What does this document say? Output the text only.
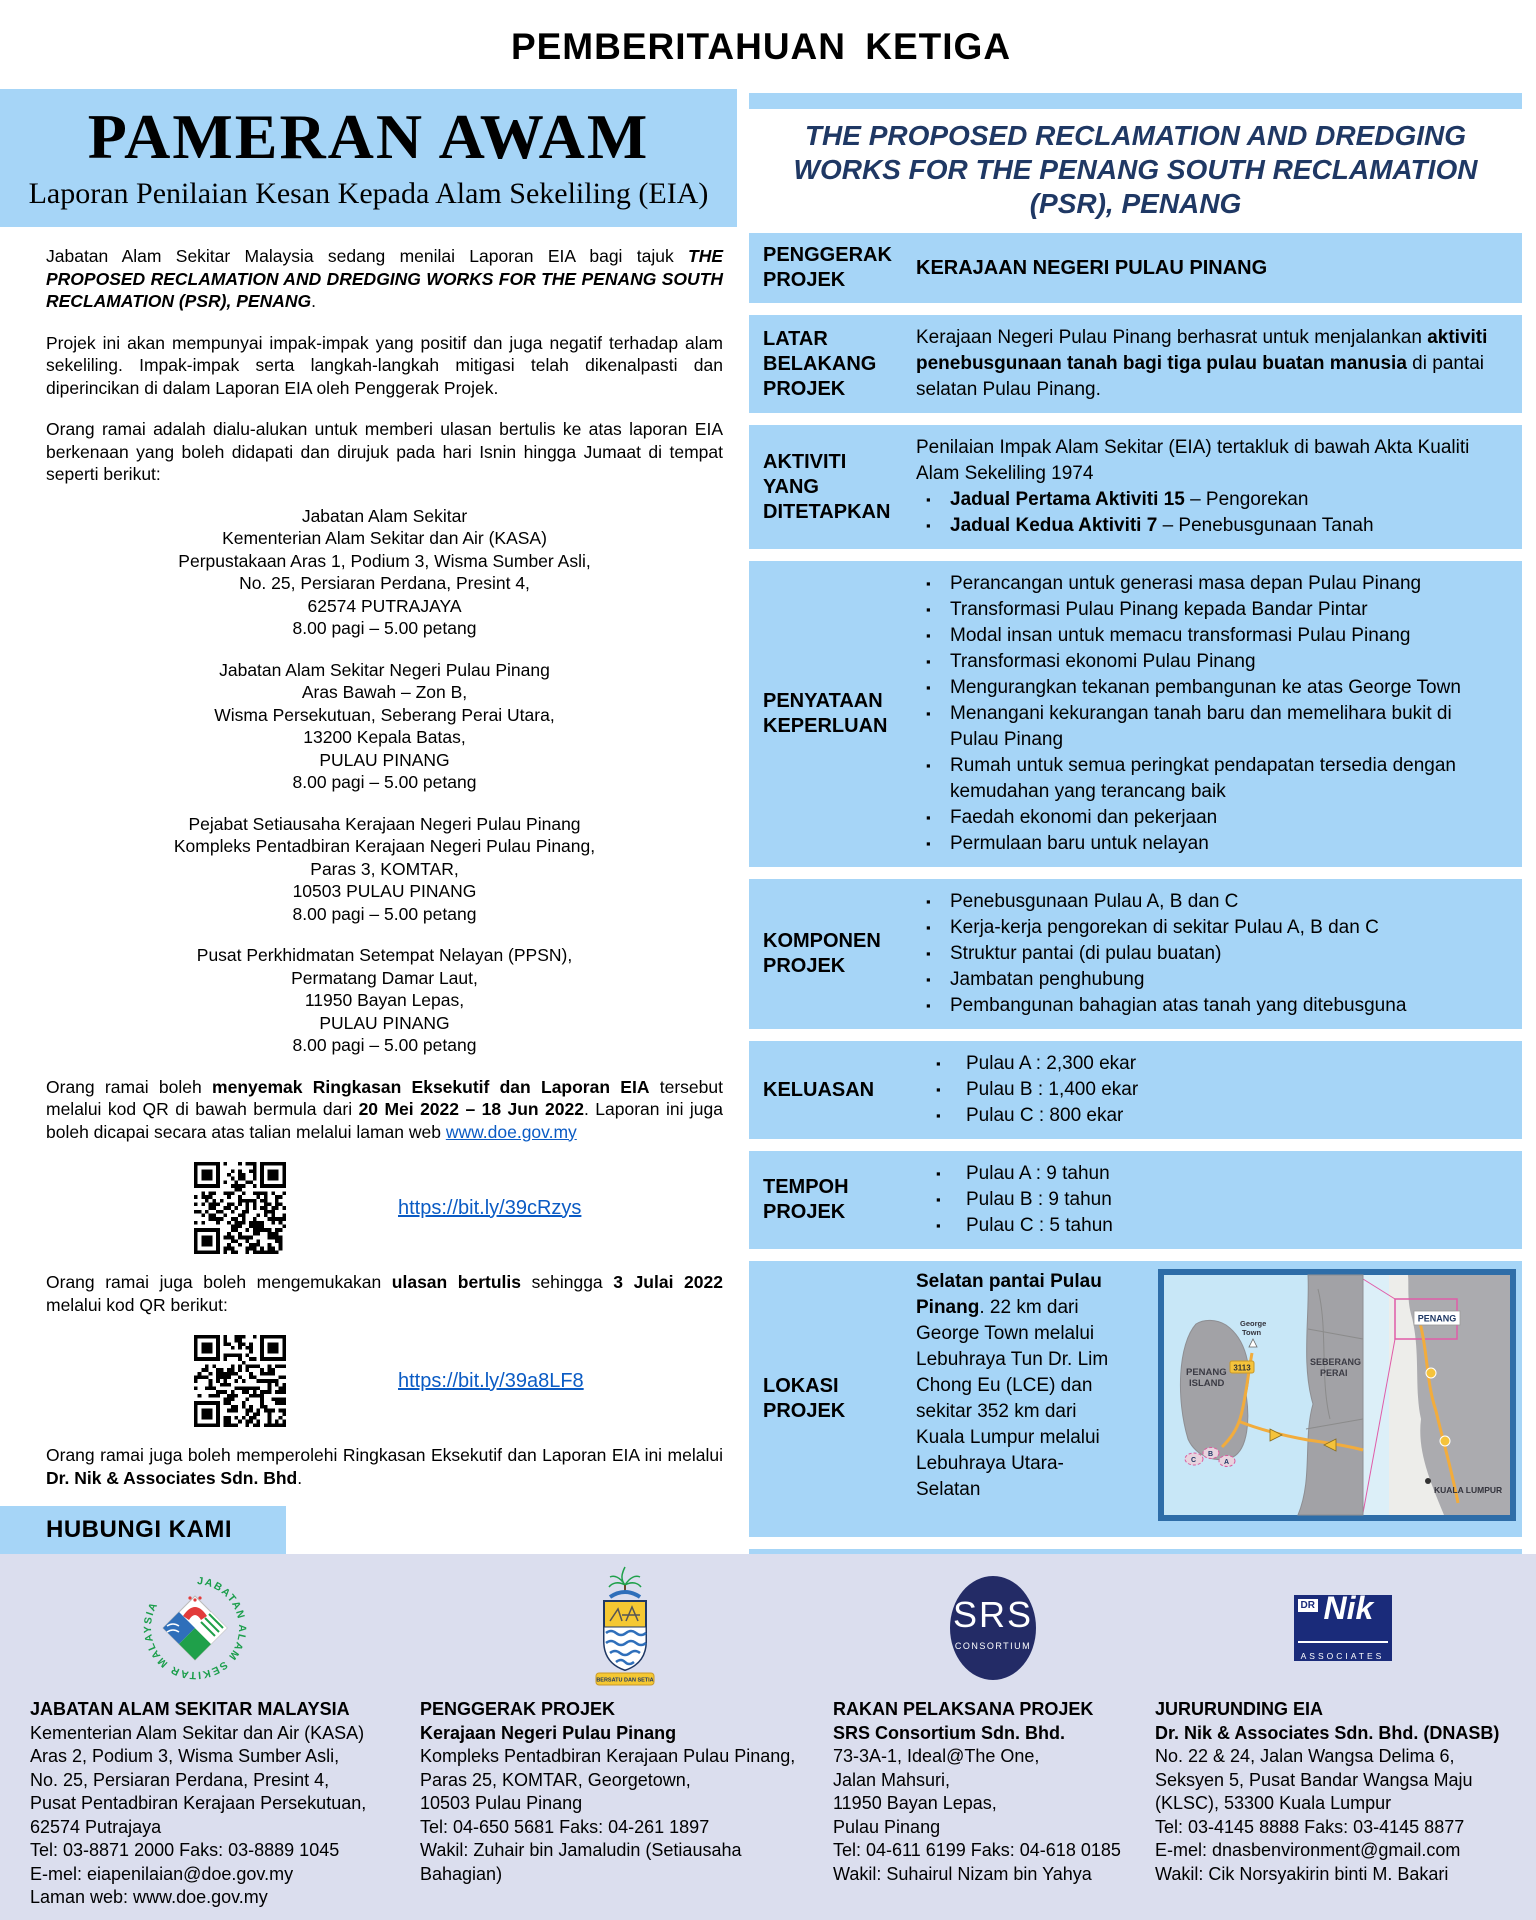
PEMBERITAHUAN KETIGA
PAMERAN AWAM
Laporan Penilaian Kesan Kepada Alam Sekeliling (EIA)

Jabatan Alam Sekitar Malaysia sedang menilai Laporan EIA bagi tajuk THE PROPOSED RECLAMATION AND DREDGING WORKS FOR THE PENANG SOUTH RECLAMATION (PSR), PENANG.

Projek ini akan mempunyai impak-impak yang positif dan juga negatif terhadap alam sekeliling. Impak-impak serta langkah-langkah mitigasi telah dikenalpasti dan diperincikan di dalam Laporan EIA oleh Penggerak Projek.

Orang ramai adalah dialu-alukan untuk memberi ulasan bertulis ke atas laporan EIA berkenaan yang boleh didapati dan dirujuk pada hari Isnin hingga Jumaat di tempat seperti berikut:

Jabatan Alam Sekitar
Kementerian Alam Sekitar dan Air (KASA)
Perpustakaan Aras 1, Podium 3, Wisma Sumber Asli,
No. 25, Persiaran Perdana, Presint 4,
62574 PUTRAJAYA
8.00 pagi – 5.00 petang
Jabatan Alam Sekitar Negeri Pulau Pinang
Aras Bawah – Zon B,
Wisma Persekutuan, Seberang Perai Utara,
13200 Kepala Batas,
PULAU PINANG
8.00 pagi – 5.00 petang
Pejabat Setiausaha Kerajaan Negeri Pulau Pinang
Kompleks Pentadbiran Kerajaan Negeri Pulau Pinang,
Paras 3, KOMTAR,
10503 PULAU PINANG
8.00 pagi – 5.00 petang
Pusat Perkhidmatan Setempat Nelayan (PPSN),
Permatang Damar Laut,
11950 Bayan Lepas,
PULAU PINANG
8.00 pagi – 5.00 petang

Orang ramai boleh menyemak Ringkasan Eksekutif dan Laporan EIA tersebut melalui kod QR di bawah bermula dari 20 Mei 2022 – 18 Jun 2022. Laporan ini juga boleh dicapai secara atas talian melalui laman web www.doe.gov.my

https://bit.ly/39cRzys

Orang ramai juga boleh mengemukakan ulasan bertulis sehingga 3 Julai 2022 melalui kod QR berikut:

https://bit.ly/39a8LF8

Orang ramai juga boleh memperolehi Ringkasan Eksekutif dan Laporan EIA ini melalui Dr. Nik & Associates Sdn. Bhd.

THE PROPOSED RECLAMATION AND DREDGING WORKS FOR THE PENANG SOUTH RECLAMATION (PSR), PENANG
PENGGERAK PROJEK
KERAJAAN NEGERI PULAU PINANG
LATAR BELAKANG PROJEK
Kerajaan Negeri Pulau Pinang berhasrat untuk menjalankan aktiviti penebusgunaan tanah bagi tiga pulau buatan manusia di pantai selatan Pulau Pinang.
AKTIVITI YANG DITETAPKAN
Penilaian Impak Alam Sekitar (EIA) tertakluk di bawah Akta Kualiti Alam Sekeliling 1974
▪ Jadual Pertama Aktiviti 15 – Pengorekan
▪ Jadual Kedua Aktiviti 7 – Penebusgunaan Tanah
PENYATAAN KEPERLUAN
▪ Perancangan untuk generasi masa depan Pulau Pinang
▪ Transformasi Pulau Pinang kepada Bandar Pintar
▪ Modal insan untuk memacu transformasi Pulau Pinang
▪ Transformasi ekonomi Pulau Pinang
▪ Mengurangkan tekanan pembangunan ke atas George Town
▪ Menangani kekurangan tanah baru dan memelihara bukit di Pulau Pinang
▪ Rumah untuk semua peringkat pendapatan tersedia dengan kemudahan yang terancang baik
▪ Faedah ekonomi dan pekerjaan
▪ Permulaan baru untuk nelayan
KOMPONEN PROJEK
▪ Penebusgunaan Pulau A, B dan C
▪ Kerja-kerja pengorekan di sekitar Pulau A, B dan C
▪ Struktur pantai (di pulau buatan)
▪ Jambatan penghubung
▪ Pembangunan bahagian atas tanah yang ditebusguna
KELUASAN
▪ Pulau A : 2,300 ekar
▪ Pulau B : 1,400 ekar
▪ Pulau C : 800 ekar
TEMPOH PROJEK
▪ Pulau A : 9 tahun
▪ Pulau B : 9 tahun
▪ Pulau C : 5 tahun
LOKASI PROJEK
Selatan pantai Pulau Pinang. 22 km dari George Town melalui Lebuhraya Tun Dr. Lim Chong Eu (LCE) dan sekitar 352 km dari Kuala Lumpur melalui Lebuhraya Utara-Selatan
PENANG
KUALA LUMPUR
C
B
A
George Town
PENANG ISLAND
SEBERANG PERAI
3113
HUBUNGI KAMI
JABATAN ALAM SEKITAR MALAYSIA
JABATAN ALAM SEKITAR MALAYSIA
Kementerian Alam Sekitar dan Air (KASA)
Aras 2, Podium 3, Wisma Sumber Asli,
No. 25, Persiaran Perdana, Presint 4,
Pusat Pentadbiran Kerajaan Persekutuan,
62574 Putrajaya
Tel: 03-8871 2000 Faks: 03-8889 1045
E-mel: eiapenilaian@doe.gov.my
Laman web: www.doe.gov.my
BERSATU DAN SETIA
PENGGERAK PROJEK
Kerajaan Negeri Pulau Pinang
Kompleks Pentadbiran Kerajaan Pulau Pinang,
Paras 25, KOMTAR, Georgetown,
10503 Pulau Pinang
Tel: 04-650 5681 Faks: 04-261 1897
Wakil: Zuhair bin Jamaludin (Setiausaha
Bahagian)
SRS
CONSORTIUM
RAKAN PELAKSANA PROJEK
SRS Consortium Sdn. Bhd.
73-3A-1, Ideal@The One,
Jalan Mahsuri,
11950 Bayan Lepas,
Pulau Pinang
Tel: 04-611 6199 Faks: 04-618 0185
Wakil: Suhairul Nizam bin Yahya
DR Nik
ASSOCIATES
JURURUNDING EIA
Dr. Nik & Associates Sdn. Bhd. (DNASB)
No. 22 & 24, Jalan Wangsa Delima 6,
Seksyen 5, Pusat Bandar Wangsa Maju
(KLSC), 53300 Kuala Lumpur
Tel: 03-4145 8888 Faks: 03-4145 8877
E-mel: dnasbenvironment@gmail.com
Wakil: Cik Norsyakirin binti M. Bakari
